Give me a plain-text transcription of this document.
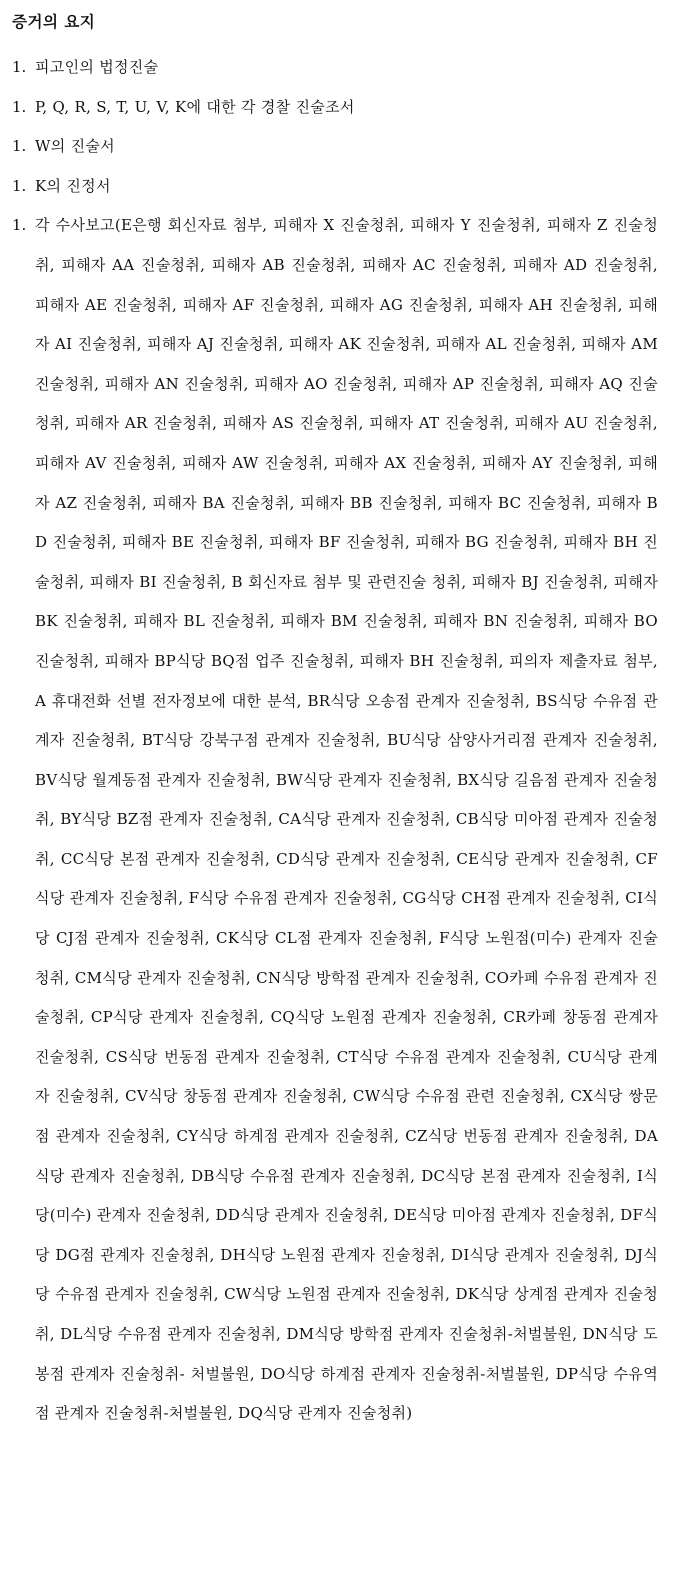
증거의 요지
1. 피고인의 법정진술
1. P, Q, R, S, T, U, V, K에 대한 각 경찰 진술조서
1. W의 진술서
1. K의 진정서
1. 각 수사보고(E은행 회신자료 첨부, 피해자 X 진술청취, 피해자 Y 진술청취, 피해자 Z 진술청취, 피해자 AA 진술청취, 피해자 AB 진술청취, 피해자 AC 진술청취, 피해자 AD 진술청취, 피해자 AE 진술청취, 피해자 AF 진술청취, 피해자 AG 진술청취, 피해자 AH 진술청취, 피해자 AI 진술청취, 피해자 AJ 진술청취, 피해자 AK 진술청취, 피해자 AL 진술청취, 피해자 AM 진술청취, 피해자 AN 진술청취, 피해자 AO 진술청취, 피해자 AP 진술청취, 피해자 AQ 진술청취, 피해자 AR 진술청취, 피해자 AS 진술청취, 피해자 AT 진술청취, 피해자 AU 진술청취, 피해자 AV 진술청취, 피해자 AW 진술청취, 피해자 AX 진술청취, 피해자 AY 진술청취, 피해자 AZ 진술청취, 피해자 BA 진술청취, 피해자 BB 진술청취, 피해자 BC 진술청취, 피해자 BD 진술청취, 피해자 BE 진술청취, 피해자 BF 진술청취, 피해자 BG 진술청취, 피해자 BH 진술청취, 피해자 BI 진술청취, B 회신자료 첨부 및 관련진술 청취, 피해자 BJ 진술청취, 피해자 BK 진술청취, 피해자 BL 진술청취, 피해자 BM 진술청취, 피해자 BN 진술청취, 피해자 BO 진술청취, 피해자 BP식당 BQ점 업주 진술청취, 피해자 BH 진술청취, 피의자 제출자료 첨부, A 휴대전화 선별 전자정보에 대한 분석, BR식당 오송점 관계자 진술청취, BS식당 수유점 관계자 진술청취, BT식당 강북구점 관계자 진술청취, BU식당 삼양사거리점 관계자 진술청취, BV식당 월계동점 관계자 진술청취, BW식당 관계자 진술청취, BX식당 길음점 관계자 진술청취, BY식당 BZ점 관계자 진술청취, CA식당 관계자 진술청취, CB식당 미아점 관계자 진술청취, CC식당 본점 관계자 진술청취, CD식당 관계자 진술청취, CE식당 관계자 진술청취, CF식당 관계자 진술청취, F식당 수유점 관계자 진술청취, CG식당 CH점 관계자 진술청취, CI식당 CJ점 관계자 진술청취, CK식당 CL점 관계자 진술청취, F식당 노원점(미수) 관계자 진술청취, CM식당 관계자 진술청취, CN식당 방학점 관계자 진술청취, CO카페 수유점 관계자 진술청취, CP식당 관계자 진술청취, CQ식당 노원점 관계자 진술청취, CR카페 창동점 관계자 진술청취, CS식당 번동점 관계자 진술청취, CT식당 수유점 관계자 진술청취, CU식당 관계자 진술청취, CV식당 창동점 관계자 진술청취, CW식당 수유점 관련 진술청취, CX식당 쌍문점 관계자 진술청취, CY식당 하계점 관계자 진술청취, CZ식당 번동점 관계자 진술청취, DA식당 관계자 진술청취, DB식당 수유점 관계자 진술청취, DC식당 본점 관계자 진술청취, I식당(미수) 관계자 진술청취, DD식당 관계자 진술청취, DE식당 미아점 관계자 진술청취, DF식당 DG점 관계자 진술청취, DH식당 노원점 관계자 진술청취, DI식당 관계자 진술청취, DJ식당 수유점 관계자 진술청취, CW식당 노원점 관계자 진술청취, DK식당 상계점 관계자 진술청취, DL식당 수유점 관계자 진술청취, DM식당 방학점 관계자 진술청취-처벌불원, DN식당 도봉점 관계자 진술청취- 처벌불원, DO식당 하계점 관계자 진술청취-처벌불원, DP식당 수유역점 관계자 진술청취-처벌불원, DQ식당 관계자 진술청취)
